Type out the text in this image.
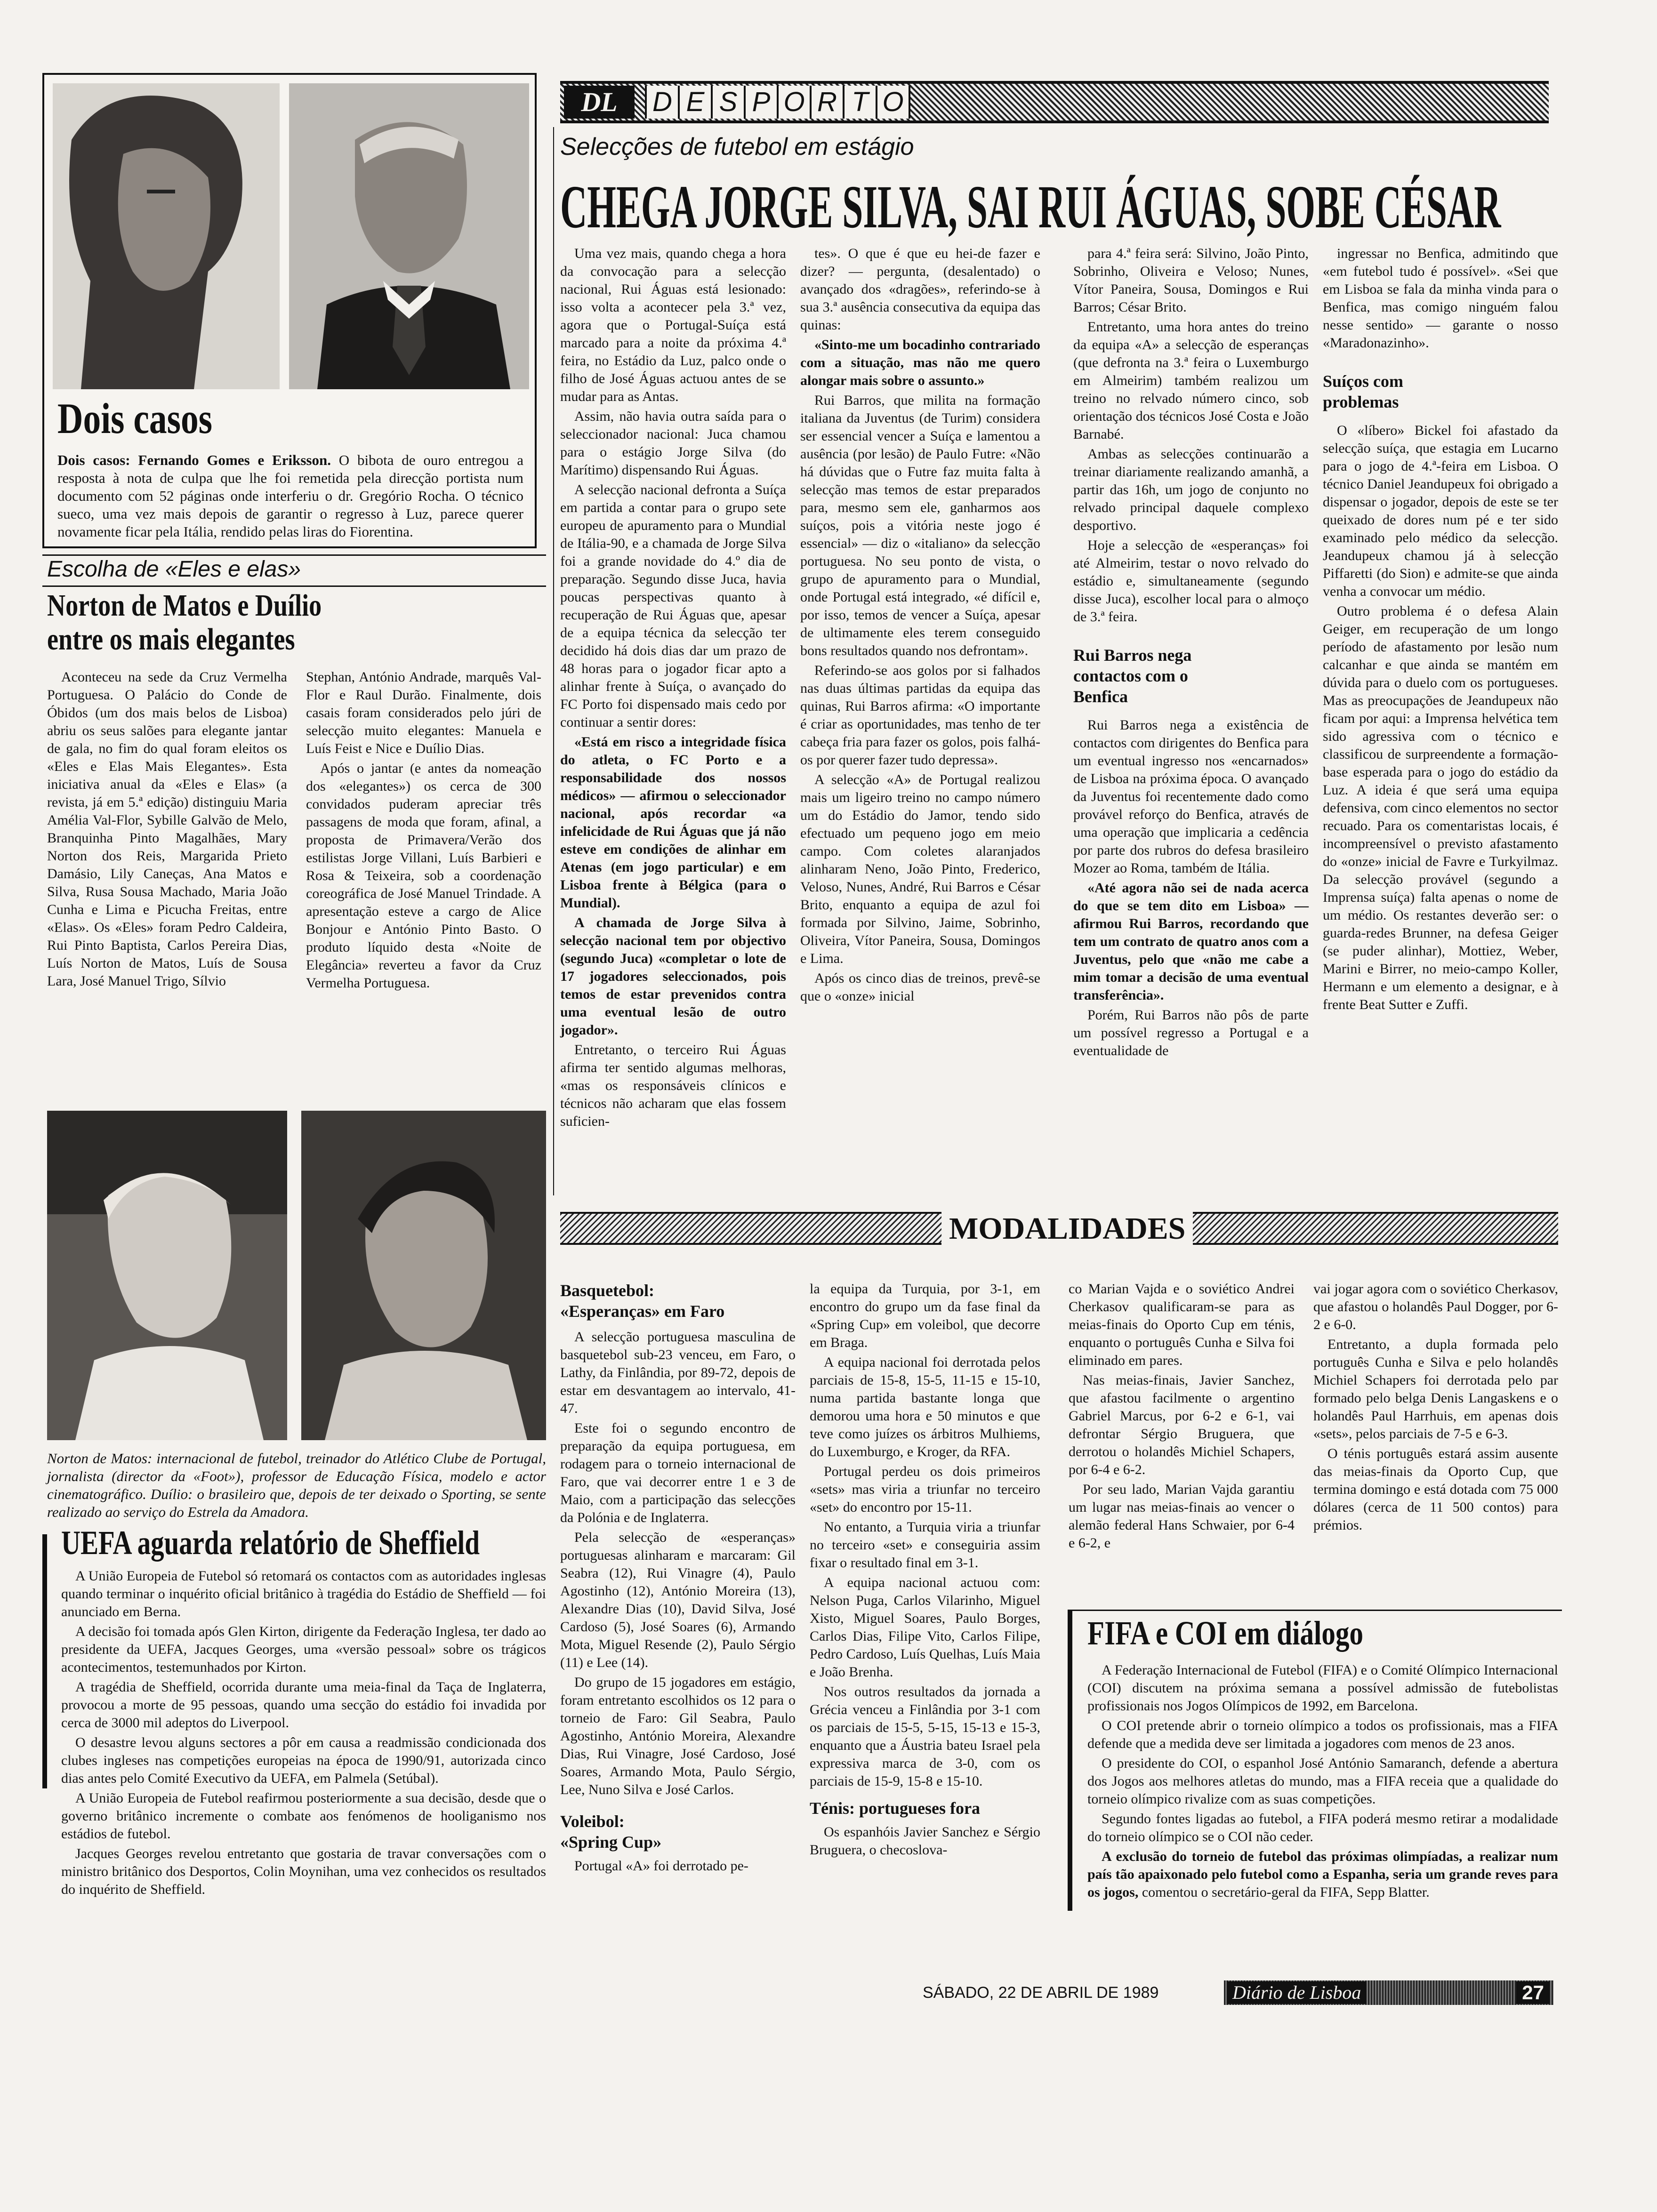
Dois casos
Dois casos: Fernando Gomes e Eriksson. O bibota de ouro entregou a resposta à nota de culpa que lhe foi remetida pela direcção portista num documento com 52 páginas onde interferiu o dr. Gregório Rocha. O técnico sueco, uma vez mais depois de garantir o regresso à Luz, parece querer novamente ficar pela Itália, rendido pelas liras do Fiorentina.
DL	D E S P O R T O
Selecções de futebol em estágio
CHEGA JORGE SILVA, SAI RUI ÁGUAS, SOBE CÉSAR

Uma vez mais, quando chega a hora da convocação para a selecção nacional, Rui Águas está lesionado: isso volta a acontecer pela 3.ª vez, agora que o Portugal-Suíça está marcado para a noite da próxima 4.ª feira, no Estádio da Luz, palco onde o filho de José Águas actuou antes de se mudar para as Antas.

Assim, não havia outra saída para o seleccionador nacional: Juca chamou para o estágio Jorge Silva (do Marítimo) dispensando Rui Águas.

A selecção nacional defronta a Suíça em partida a contar para o grupo sete europeu de apuramento para o Mundial de Itália-90, e a chamada de Jorge Silva foi a grande novidade do 4.º dia de preparação. Segundo disse Juca, havia poucas perspectivas quanto à recuperação de Rui Águas que, apesar de a equipa técnica da selecção ter decidido há dois dias dar um prazo de 48 horas para o jogador ficar apto a alinhar frente à Suíça, o avançado do FC Porto foi dispensado mais cedo por continuar a sentir dores:

«Está em risco a integridade física do atleta, o FC Porto e a responsabilidade dos nossos médicos» — afirmou o seleccionador nacional, após recordar «a infelicidade de Rui Águas que já não esteve em condições de alinhar em Atenas (em jogo particular) e em Lisboa frente à Bélgica (para o Mundial).

A chamada de Jorge Silva à selecção nacional tem por objectivo (segundo Juca) «completar o lote de 17 jogadores seleccionados, pois temos de estar prevenidos contra uma eventual lesão de outro jogador».

Entretanto, o terceiro Rui Águas afirma ter sentido algumas melhoras, «mas os responsáveis clínicos e técnicos não acharam que elas fossem suficien-

tes». O que é que eu hei-de fazer e dizer? — pergunta, (desalentado) o avançado dos «dragões», referindo-se à sua 3.ª ausência consecutiva da equipa das quinas:

«Sinto-me um bocadinho contrariado com a situação, mas não me quero alongar mais sobre o assunto.»

Rui Barros, que milita na formação italiana da Juventus (de Turim) considera ser essencial vencer a Suíça e lamentou a ausência (por lesão) de Paulo Futre: «Não há dúvidas que o Futre faz muita falta à selecção mas temos de estar preparados para, mesmo sem ele, ganharmos aos suíços, pois a vitória neste jogo é essencial» — diz o «italiano» da selecção portuguesa. No seu ponto de vista, o grupo de apuramento para o Mundial, onde Portugal está integrado, «é difícil e, por isso, temos de vencer a Suíça, apesar de ultimamente eles terem conseguido bons resultados quando nos defrontam».

Referindo-se aos golos por si falhados nas duas últimas partidas da equipa das quinas, Rui Barros afirma: «O importante é criar as oportunidades, mas tenho de ter cabeça fria para fazer os golos, pois falhá-os por querer fazer tudo depressa».

A selecção «A» de Portugal realizou mais um ligeiro treino no campo número um do Estádio do Jamor, tendo sido efectuado um pequeno jogo em meio campo. Com coletes alaranjados alinharam Neno, João Pinto, Frederico, Veloso, Nunes, André, Rui Barros e César Brito, enquanto a equipa de azul foi formada por Silvino, Jaime, Sobrinho, Oliveira, Vítor Paneira, Sousa, Domingos e Lima.

Após os cinco dias de treinos, prevê-se que o «onze» inicial

para 4.ª feira será: Silvino, João Pinto, Sobrinho, Oliveira e Veloso; Nunes, Vítor Paneira, Sousa, Domingos e Rui Barros; César Brito.

Entretanto, uma hora antes do treino da equipa «A» a selecção de esperanças (que defronta na 3.ª feira o Luxemburgo em Almeirim) também realizou um treino no relvado número cinco, sob orientação dos técnicos José Costa e João Barnabé.

Ambas as selecções continuarão a treinar diariamente realizando amanhã, a partir das 16h, um jogo de conjunto no relvado principal daquele complexo desportivo.

Hoje a selecção de «esperanças» foi até Almeirim, testar o novo relvado do estádio e, simultaneamente (segundo disse Juca), escolher local para o almoço de 3.ª feira.

Rui Barros nega contactos com o Benfica

Rui Barros nega a existência de contactos com dirigentes do Benfica para um eventual ingresso nos «encarnados» de Lisboa na próxima época. O avançado da Juventus foi recentemente dado como provável reforço do Benfica, através de uma operação que implicaria a cedência por parte dos rubros do defesa brasileiro Mozer ao Roma, também de Itália.

«Até agora não sei de nada acerca do que se tem dito em Lisboa» — afirmou Rui Barros, recordando que tem um contrato de quatro anos com a Juventus, pelo que «não me cabe a mim tomar a decisão de uma eventual transferência».

Porém, Rui Barros não pôs de parte um possível regresso a Portugal e a eventualidade de

ingressar no Benfica, admitindo que «em futebol tudo é possível». «Sei que em Lisboa se fala da minha vinda para o Benfica, mas comigo ninguém falou nesse sentido» — garante o nosso «Maradonazinho».

Suíços com problemas

O «líbero» Bickel foi afastado da selecção suíça, que estagia em Lucarno para o jogo de 4.ª-feira em Lisboa. O técnico Daniel Jeandupeux foi obrigado a dispensar o jogador, depois de este se ter queixado de dores num pé e ter sido examinado pelo médico da selecção. Jeandupeux chamou já à selecção Piffaretti (do Sion) e admite-se que ainda venha a convocar um médio.

Outro problema é o defesa Alain Geiger, em recuperação de um longo período de afastamento por lesão num calcanhar e que ainda se mantém em dúvida para o duelo com os portugueses. Mas as preocupações de Jeandupeux não ficam por aqui: a Imprensa helvética tem sido agressiva com o técnico e classificou de surpreendente a formação-base esperada para o jogo do estádio da Luz. A ideia é que será uma equipa defensiva, com cinco elementos no sector recuado. Para os comentaristas locais, é incompreensível o previsto afastamento do «onze» inicial de Favre e Turkyilmaz. Da selecção provável (segundo a Imprensa suíça) falta apenas o nome de um médio. Os restantes deverão ser: o guarda-redes Brunner, na defesa Geiger (se puder alinhar), Mottiez, Weber, Marini e Birrer, no meio-campo Koller, Hermann e um elemento a designar, e à frente Beat Sutter e Zuffi.

Escolha de «Eles e elas»
Norton de Matos e Duílio
entre os mais elegantes

Aconteceu na sede da Cruz Vermelha Portuguesa. O Palácio do Conde de Óbidos (um dos mais belos de Lisboa) abriu os seus salões para elegante jantar de gala, no fim do qual foram eleitos os «Eles e Elas Mais Elegantes». Esta iniciativa anual da «Eles e Elas» (a revista, já em 5.ª edição) distinguiu Maria Amélia Val-Flor, Sybille Galvão de Melo, Branquinha Pinto Magalhães, Mary Norton dos Reis, Margarida Prieto Damásio, Lily Caneças, Ana Matos e Silva, Rusa Sousa Machado, Maria João Cunha e Lima e Picucha Freitas, entre «Elas». Os «Eles» foram Pedro Caldeira, Rui Pinto Baptista, Carlos Pereira Dias, Luís Norton de Matos, Luís de Sousa Lara, José Manuel Trigo, Sílvio

Stephan, António Andrade, marquês Val-Flor e Raul Durão. Finalmente, dois casais foram considerados pelo júri de selecção muito elegantes: Manuela e Luís Feist e Nice e Duílio Dias.

Após o jantar (e antes da nomeação dos «elegantes») os cerca de 300 convidados puderam apreciar três passagens de moda que foram, afinal, a proposta de Primavera/Verão dos estilistas Jorge Villani, Luís Barbieri e Rosa & Teixeira, sob a coordenação coreográfica de José Manuel Trindade. A apresentação esteve a cargo de Alice Bonjour e António Pinto Basto. O produto líquido desta «Noite de Elegância» reverteu a favor da Cruz Vermelha Portuguesa.

Norton de Matos: internacional de futebol, treinador do Atlético Clube de Portugal, jornalista (director da «Foot»), professor de Educação Física, modelo e actor cinematográfico. Duílio: o brasileiro que, depois de ter deixado o Sporting, se sente realizado ao serviço do Estrela da Amadora.
UEFA aguarda relatório de Sheffield

A União Europeia de Futebol só retomará os contactos com as autoridades inglesas quando terminar o inquérito oficial britânico à tragédia do Estádio de Sheffield — foi anunciado em Berna.

A decisão foi tomada após Glen Kirton, dirigente da Federação Inglesa, ter dado ao presidente da UEFA, Jacques Georges, uma «versão pessoal» sobre os trágicos acontecimentos, testemunhados por Kirton.

A tragédia de Sheffield, ocorrida durante uma meia-final da Taça de Inglaterra, provocou a morte de 95 pessoas, quando uma secção do estádio foi invadida por cerca de 3000 mil adeptos do Liverpool.

O desastre levou alguns sectores a pôr em causa a readmissão condicionada dos clubes ingleses nas competições europeias na época de 1990/91, autorizada cinco dias antes pelo Comité Executivo da UEFA, em Palmela (Setúbal).

A União Europeia de Futebol reafirmou posteriormente a sua decisão, desde que o governo britânico incremente o combate aos fenómenos de hooliganismo nos estádios de futebol.

Jacques Georges revelou entretanto que gostaria de travar conversações com o ministro britânico dos Desportos, Colin Moynihan, uma vez conhecidos os resultados do inquérito de Sheffield.

MODALIDADES
Basquetebol:
«Esperanças» em Faro

A selecção portuguesa masculina de basquetebol sub-23 venceu, em Faro, o Lathy, da Finlândia, por 89-72, depois de estar em desvantagem ao intervalo, 41-47.

Este foi o segundo encontro de preparação da equipa portuguesa, em rodagem para o torneio internacional de Faro, que vai decorrer entre 1 e 3 de Maio, com a participação das selecções da Polónia e de Inglaterra.

Pela selecção de «esperanças» portuguesas alinharam e marcaram: Gil Seabra (12), Rui Vinagre (4), Paulo Agostinho (12), António Moreira (13), Alexandre Dias (10), David Silva, José Cardoso (5), José Soares (6), Armando Mota, Miguel Resende (2), Paulo Sérgio (11) e Lee (14).

Do grupo de 15 jogadores em estágio, foram entretanto escolhidos os 12 para o torneio de Faro: Gil Seabra, Paulo Agostinho, António Moreira, Alexandre Dias, Rui Vinagre, José Cardoso, José Soares, Armando Mota, Paulo Sérgio, Lee, Nuno Silva e José Carlos.

Voleibol:
«Spring Cup»

Portugal «A» foi derrotado pe-

la equipa da Turquia, por 3-1, em encontro do grupo um da fase final da «Spring Cup» em voleibol, que decorre em Braga.

A equipa nacional foi derrotada pelos parciais de 15-8, 15-5, 11-15 e 15-10, numa partida bastante longa que demorou uma hora e 50 minutos e que teve como juízes os árbitros Mulhiems, do Luxemburgo, e Kroger, da RFA.

Portugal perdeu os dois primeiros «sets» mas viria a triunfar no terceiro «set» do encontro por 15-11.

No entanto, a Turquia viria a triunfar no terceiro «set» e conseguiria assim fixar o resultado final em 3-1.

A equipa nacional actuou com: Nelson Puga, Carlos Vilarinho, Miguel Xisto, Miguel Soares, Paulo Borges, Carlos Dias, Filipe Vito, Carlos Filipe, Pedro Cardoso, Luís Quelhas, Luís Maia e João Brenha.

Nos outros resultados da jornada a Grécia venceu a Finlândia por 3-1 com os parciais de 15-5, 5-15, 15-13 e 15-3, enquanto que a Áustria bateu Israel pela expressiva marca de 3-0, com os parciais de 15-9, 15-8 e 15-10.

Ténis: portugueses fora

Os espanhóis Javier Sanchez e Sérgio Bruguera, o checoslova-

co Marian Vajda e o soviético Andrei Cherkasov qualificaram-se para as meias-finais do Oporto Cup em ténis, enquanto o português Cunha e Silva foi eliminado em pares.

Nas meias-finais, Javier Sanchez, que afastou facilmente o argentino Gabriel Marcus, por 6-2 e 6-1, vai defrontar Sérgio Bruguera, que derrotou o holandês Michiel Schapers, por 6-4 e 6-2.

Por seu lado, Marian Vajda garantiu um lugar nas meias-finais ao vencer o alemão federal Hans Schwaier, por 6-4 e 6-2, e

vai jogar agora com o soviético Cherkasov, que afastou o holandês Paul Dogger, por 6-2 e 6-0.

Entretanto, a dupla formada pelo português Cunha e Silva e pelo holandês Michiel Schapers foi derrotada pelo par formado pelo belga Denis Langaskens e o holandês Paul Harrhuis, em apenas dois «sets», pelos parciais de 7-5 e 6-3.

O ténis português estará assim ausente das meias-finais da Oporto Cup, que termina domingo e está dotada com 75 000 dólares (cerca de 11 500 contos) para prémios.

FIFA e COI em diálogo

A Federação Internacional de Futebol (FIFA) e o Comité Olímpico Internacional (COI) discutem na próxima semana a possível admissão de futebolistas profissionais nos Jogos Olímpicos de 1992, em Barcelona.

O COI pretende abrir o torneio olímpico a todos os profissionais, mas a FIFA defende que a medida deve ser limitada a jogadores com menos de 23 anos.

O presidente do COI, o espanhol José António Samaranch, defende a abertura dos Jogos aos melhores atletas do mundo, mas a FIFA receia que a qualidade do torneio olímpico rivalize com as suas competições.

Segundo fontes ligadas ao futebol, a FIFA poderá mesmo retirar a modalidade do torneio olímpico se o COI não ceder.

A exclusão do torneio de futebol das próximas olimpíadas, a realizar num país tão apaixonado pelo futebol como a Espanha, seria um grande reves para os jogos, comentou o secretário-geral da FIFA, Sepp Blatter.

SÁBADO, 22 DE ABRIL DE 1989	Diário de Lisboa	27
